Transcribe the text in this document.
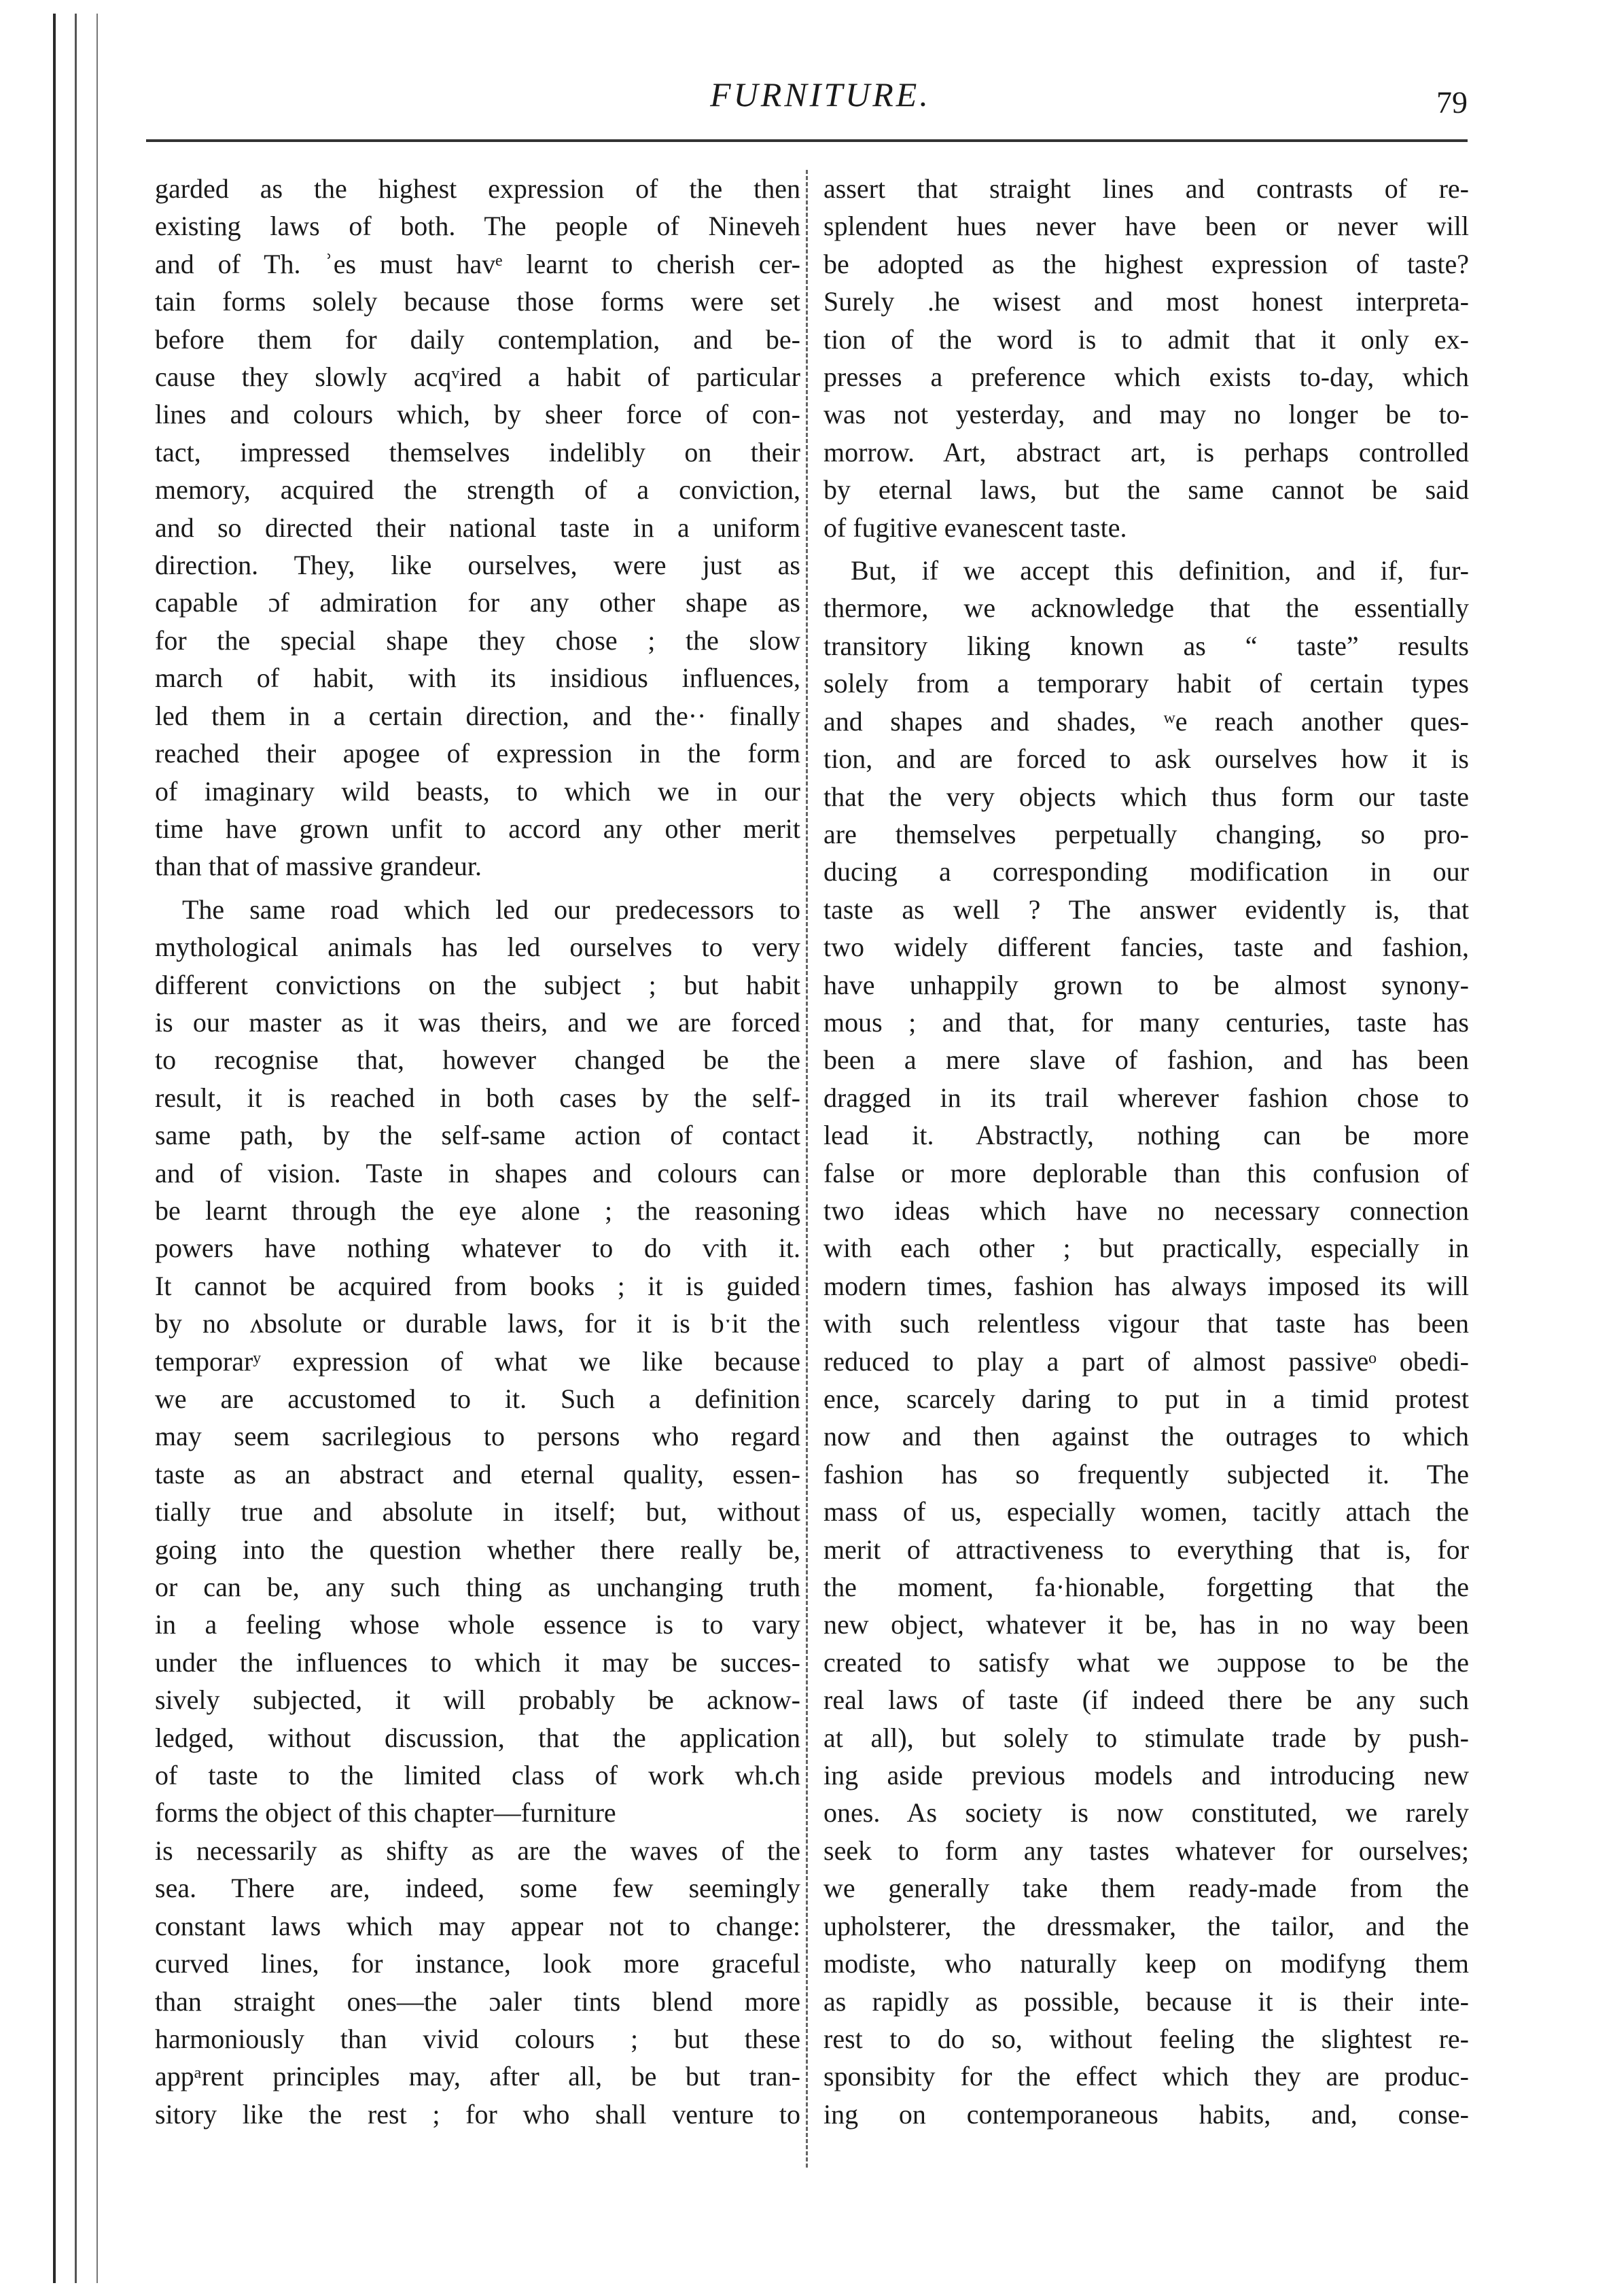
FURNITURE.	79

garded as the highest expression of the then

existing laws of both. The people of Nineveh

and of Th. ʾes must havᵉ learnt to cherish cer-

tain forms solely because those forms were set

before them for daily contemplation, and be-

cause they slowly acqᵛired a habit of particular

lines and colours which, by sheer force of con-

tact, impressed themselves indelibly on their

memory, acquired the strength of a conviction,

and so directed their national taste in a uniform

direction. They, like ourselves, were just as

capable ɔf admiration for any other shape as

for the special shape they chose ; the slow

march of habit, with its insidious influences,

led them in a certain direction, and the·· finally

reached their apogee of expression in the form

of imaginary wild beasts, to which we in our

time have grown unfit to accord any other merit

than that of massive grandeur.

The same road which led our predecessors to

mythological animals has led ourselves to very

different convictions on the subject ; but habit

is our master as it was theirs, and we are forced

to recognise that, however changed be the

result, it is reached in both cases by the self-

same path, by the self-same action of contact

and of vision. Taste in shapes and colours can

be learnt through the eye alone ; the reasoning

powers have nothing whatever to do ⱱith it.

It cannot be acquired from books ; it is guided

by no ʌbsolute or durable laws, for it is bˑit the

temporarʸ expression of what we like because

we are accustomed to it. Such a definition

may seem sacrilegious to persons who regard

taste as an abstract and eternal quality, essen-

tially true and absolute in itself; but, without

going into the question whether there really be,

or can be, any such thing as unchanging truth

in a feeling whose whole essence is to vary

under the influences to which it may be succes-

sively subjected, it will probably b̵e acknow-

ledged, without discussion, that the application

of taste to the limited class of work wh.ch

forms the object of this chapter—furniture

is necessarily as shifty as are the waves of the

sea. There are, indeed, some few seemingly

constant laws which may appear not to change:

curved lines, for instance, look more graceful

than straight ones—the ɔaler tints blend more

harmoniously than vivid colours ; but these

appᵃrent principles may, after all, be but tran-

sitory like the rest ; for who shall venture to

assert that straight lines and contrasts of re-

splendent hues never have been or never will

be adopted as the highest expression of taste?

Surely .he wisest and most honest interpreta-

tion of the word is to admit that it only ex-

presses a preference which exists to-day, which

was not yesterday, and may no longer be to-

morrow. Art, abstract art, is perhaps controlled

by eternal laws, but the same cannot be said

of fugitive evanescent taste.

But, if we accept this definition, and if, fur-

thermore, we acknowledge that the essentially

transitory liking known as “ taste” results

solely from a temporary habit of certain types

and shapes and shades, ʷe reach another ques-

tion, and are forced to ask ourselves how it is

that the very objects which thus form our taste

are themselves perpetually changing, so pro-

ducing a corresponding modification in our

taste as well ? The answer evidently is, that

two widely different fancies, taste and fashion,

have unhappily grown to be almost synony-

mous ; and that, for many centuries, taste has

been a mere slave of fashion, and has been

dragged in its trail wherever fashion chose to

lead it. Abstractly, nothing can be more

false or more deplorable than this confusion of

two ideas which have no necessary connection

with each other ; but practically, especially in

modern times, fashion has always imposed its will

with such relentless vigour that taste has been

reduced to play a part of almost passiveᵒ obedi-

ence, scarcely daring to put in a timid protest

now and then against the outrages to which

fashion has so frequently subjected it. The

mass of us, especially women, tacitly attach the

merit of attractiveness to everything that is, for

the moment, fa·hionable, forgetting that the

new object, whatever it be, has in no way been

created to satisfy what we ɔuppose to be the

real laws of taste (if indeed there be any such

at all), but solely to stimulate trade by push-

ing aside previous models and introducing new

ones. As society is now constituted, we rarely

seek to form any tastes whatever for ourselves;

we generally take them ready-made from the

upholsterer, the dressmaker, the tailor, and the

modiste, who naturally keep on modifyng them

as rapidly as possible, because it is their inte-

rest to do so, without feeling the slightest re-

sponsibity for the effect which they are produc-

ing on contemporaneous habits, and, conse-
